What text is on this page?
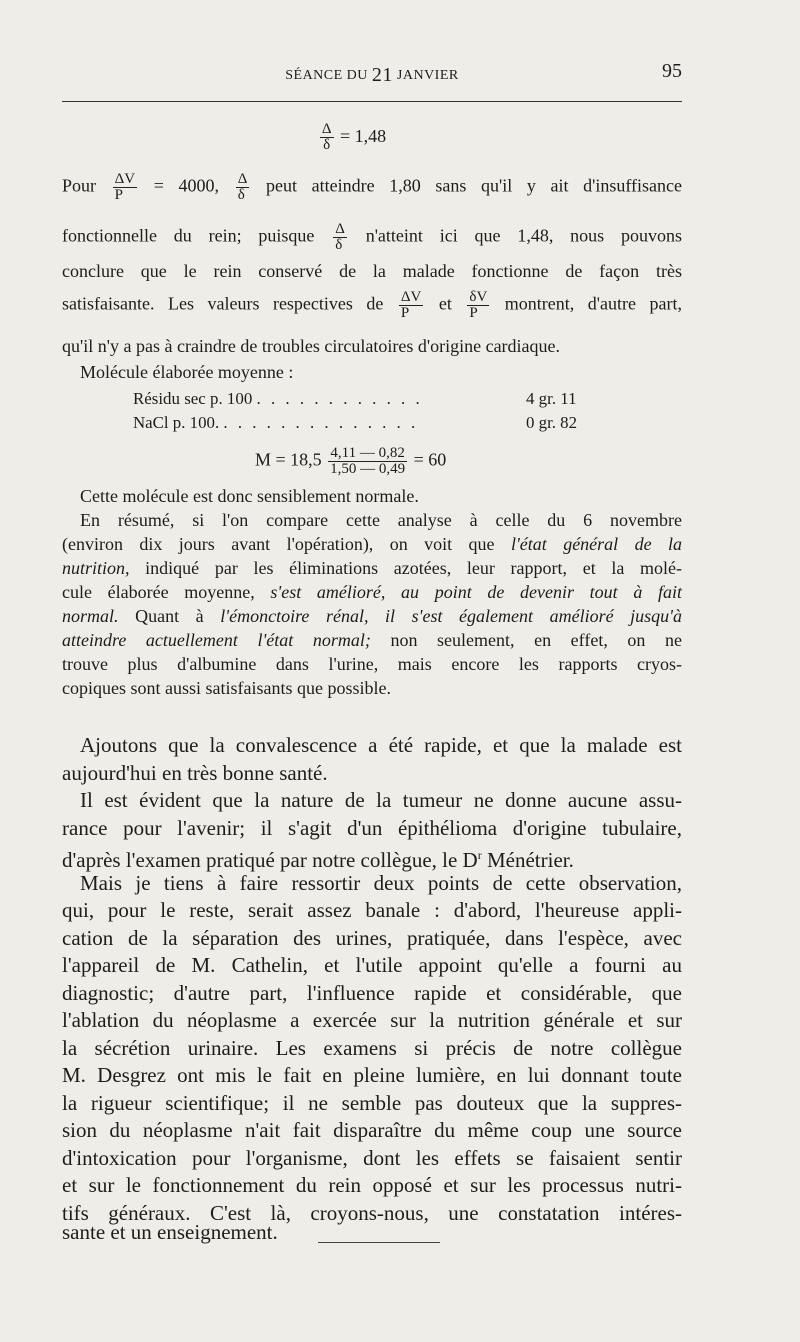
SÉANCE DU 21 JANVIER	95
$\frac{\Delta}{\delta} = 1,48$
Pour $\frac{\Delta V}{P} = 4000$, $\frac{\Delta}{\delta}$ peut atteindre 1,80 sans qu'il y ait d'insuffisance
fonctionnelle du rein; puisque $\frac{\Delta}{\delta}$ n'atteint ici que 1,48, nous pouvons
conclure que le rein conservé de la malade fonctionne de façon très
satisfaisante. Les valeurs respectives de $\frac{\Delta V}{P}$ et $\frac{\delta V}{P}$ montrent, d'autre part,
qu'il n'y a pas à craindre de troubles circulatoires d'origine cardiaque.
Molécule élaborée moyenne :
Résidu sec p. 100 . . . . . . . . . . . .	4 gr. 11
NaCl p. 100. . . . . . . . . . . . . . .	0 gr. 82
$M = 18,5 \frac{4,11 — 0,82}{1,50 — 0,49} = 60$
Cette molécule est donc sensiblement normale.
En résumé, si l'on compare cette analyse à celle du 6 novembre
(environ dix jours avant l'opération), on voit que l'état général de la
nutrition, indiqué par les éliminations azotées, leur rapport, et la molé-
cule élaborée moyenne, s'est amélioré, au point de devenir tout à fait
normal. Quant à l'émonctoire rénal, il s'est également amélioré jusqu'à
atteindre actuellement l'état normal; non seulement, en effet, on ne
trouve plus d'albumine dans l'urine, mais encore les rapports cryos-
copiques sont aussi satisfaisants que possible.
Ajoutons que la convalescence a été rapide, et que la malade est
aujourd'hui en très bonne santé.
Il est évident que la nature de la tumeur ne donne aucune assu-
rance pour l'avenir; il s'agit d'un épithélioma d'origine tubulaire,
d'après l'examen pratiqué par notre collègue, le $D^r$ Ménétrier.
Mais je tiens à faire ressortir deux points de cette observation,
qui, pour le reste, serait assez banale : d'abord, l'heureuse appli-
cation de la séparation des urines, pratiquée, dans l'espèce, avec
l'appareil de M. Cathelin, et l'utile appoint qu'elle a fourni au
diagnostic; d'autre part, l'influence rapide et considérable, que
l'ablation du néoplasme a exercée sur la nutrition générale et sur
la sécrétion urinaire. Les examens si précis de notre collègue
M. Desgrez ont mis le fait en pleine lumière, en lui donnant toute
la rigueur scientifique; il ne semble pas douteux que la suppres-
sion du néoplasme n'ait fait disparaître du même coup une source
d'intoxication pour l'organisme, dont les effets se faisaient sentir
et sur le fonctionnement du rein opposé et sur les processus nutri-
tifs généraux. C'est là, croyons-nous, une constatation intéres-
sante et un enseignement.
